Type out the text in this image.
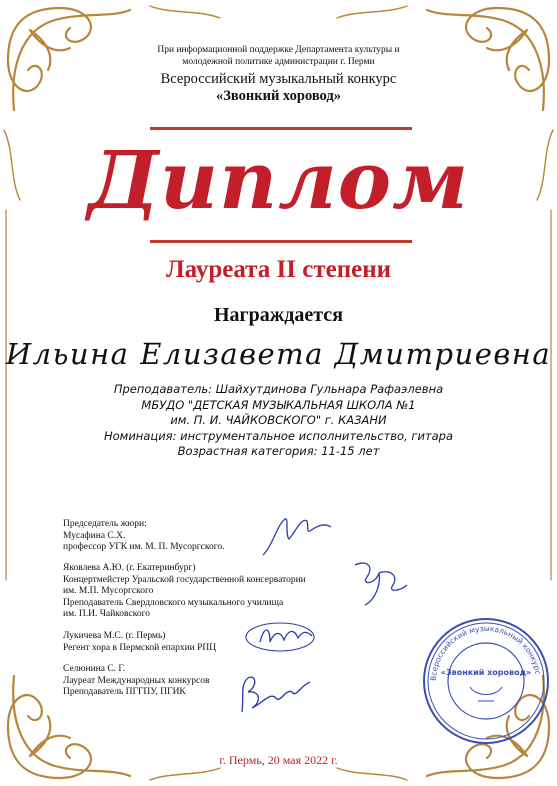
При информационной поддержке Департамента культуры и
молодежной политике администрации г. Перми
Всероссийский музыкальный конкурс
«Звонкий хоровод»
Диплом
Лауреата II степени
Награждается
Ильина Елизавета Дмитриевна
Преподаватель: Шайхутдинова Гульнара Рафаэлевна
МБУДО "ДЕТСКАЯ МУЗЫКАЛЬНАЯ ШКОЛА №1
им. П. И. ЧАЙКОВСКОГО" г. КАЗАНИ
Номинация: инструментальное исполнительство, гитара
Возрастная категория: 11-15 лет
Председатель жюри:
Мусафина С.Х.
профессор УГК им. М. П. Мусоргского.
Яковлева А.Ю. (г. Екатеринбург)
Концертмейстер Уральской государственной консерватории
им. М.П. Мусоргского
Преподаватель Свердловского музыкального училища
им. П.И. Чайковского
Лукичева М.С. (г. Пермь)
Регент хора в Пермской епархии РПЦ
Селюнина С. Г.
Лауреат Международных конкурсов
Преподаватель ПГГПУ, ПГИК
Всероссийский музыкальный конкурс
«Звонкий хоровод»
г. Пермь, 20 мая 2022 г.
